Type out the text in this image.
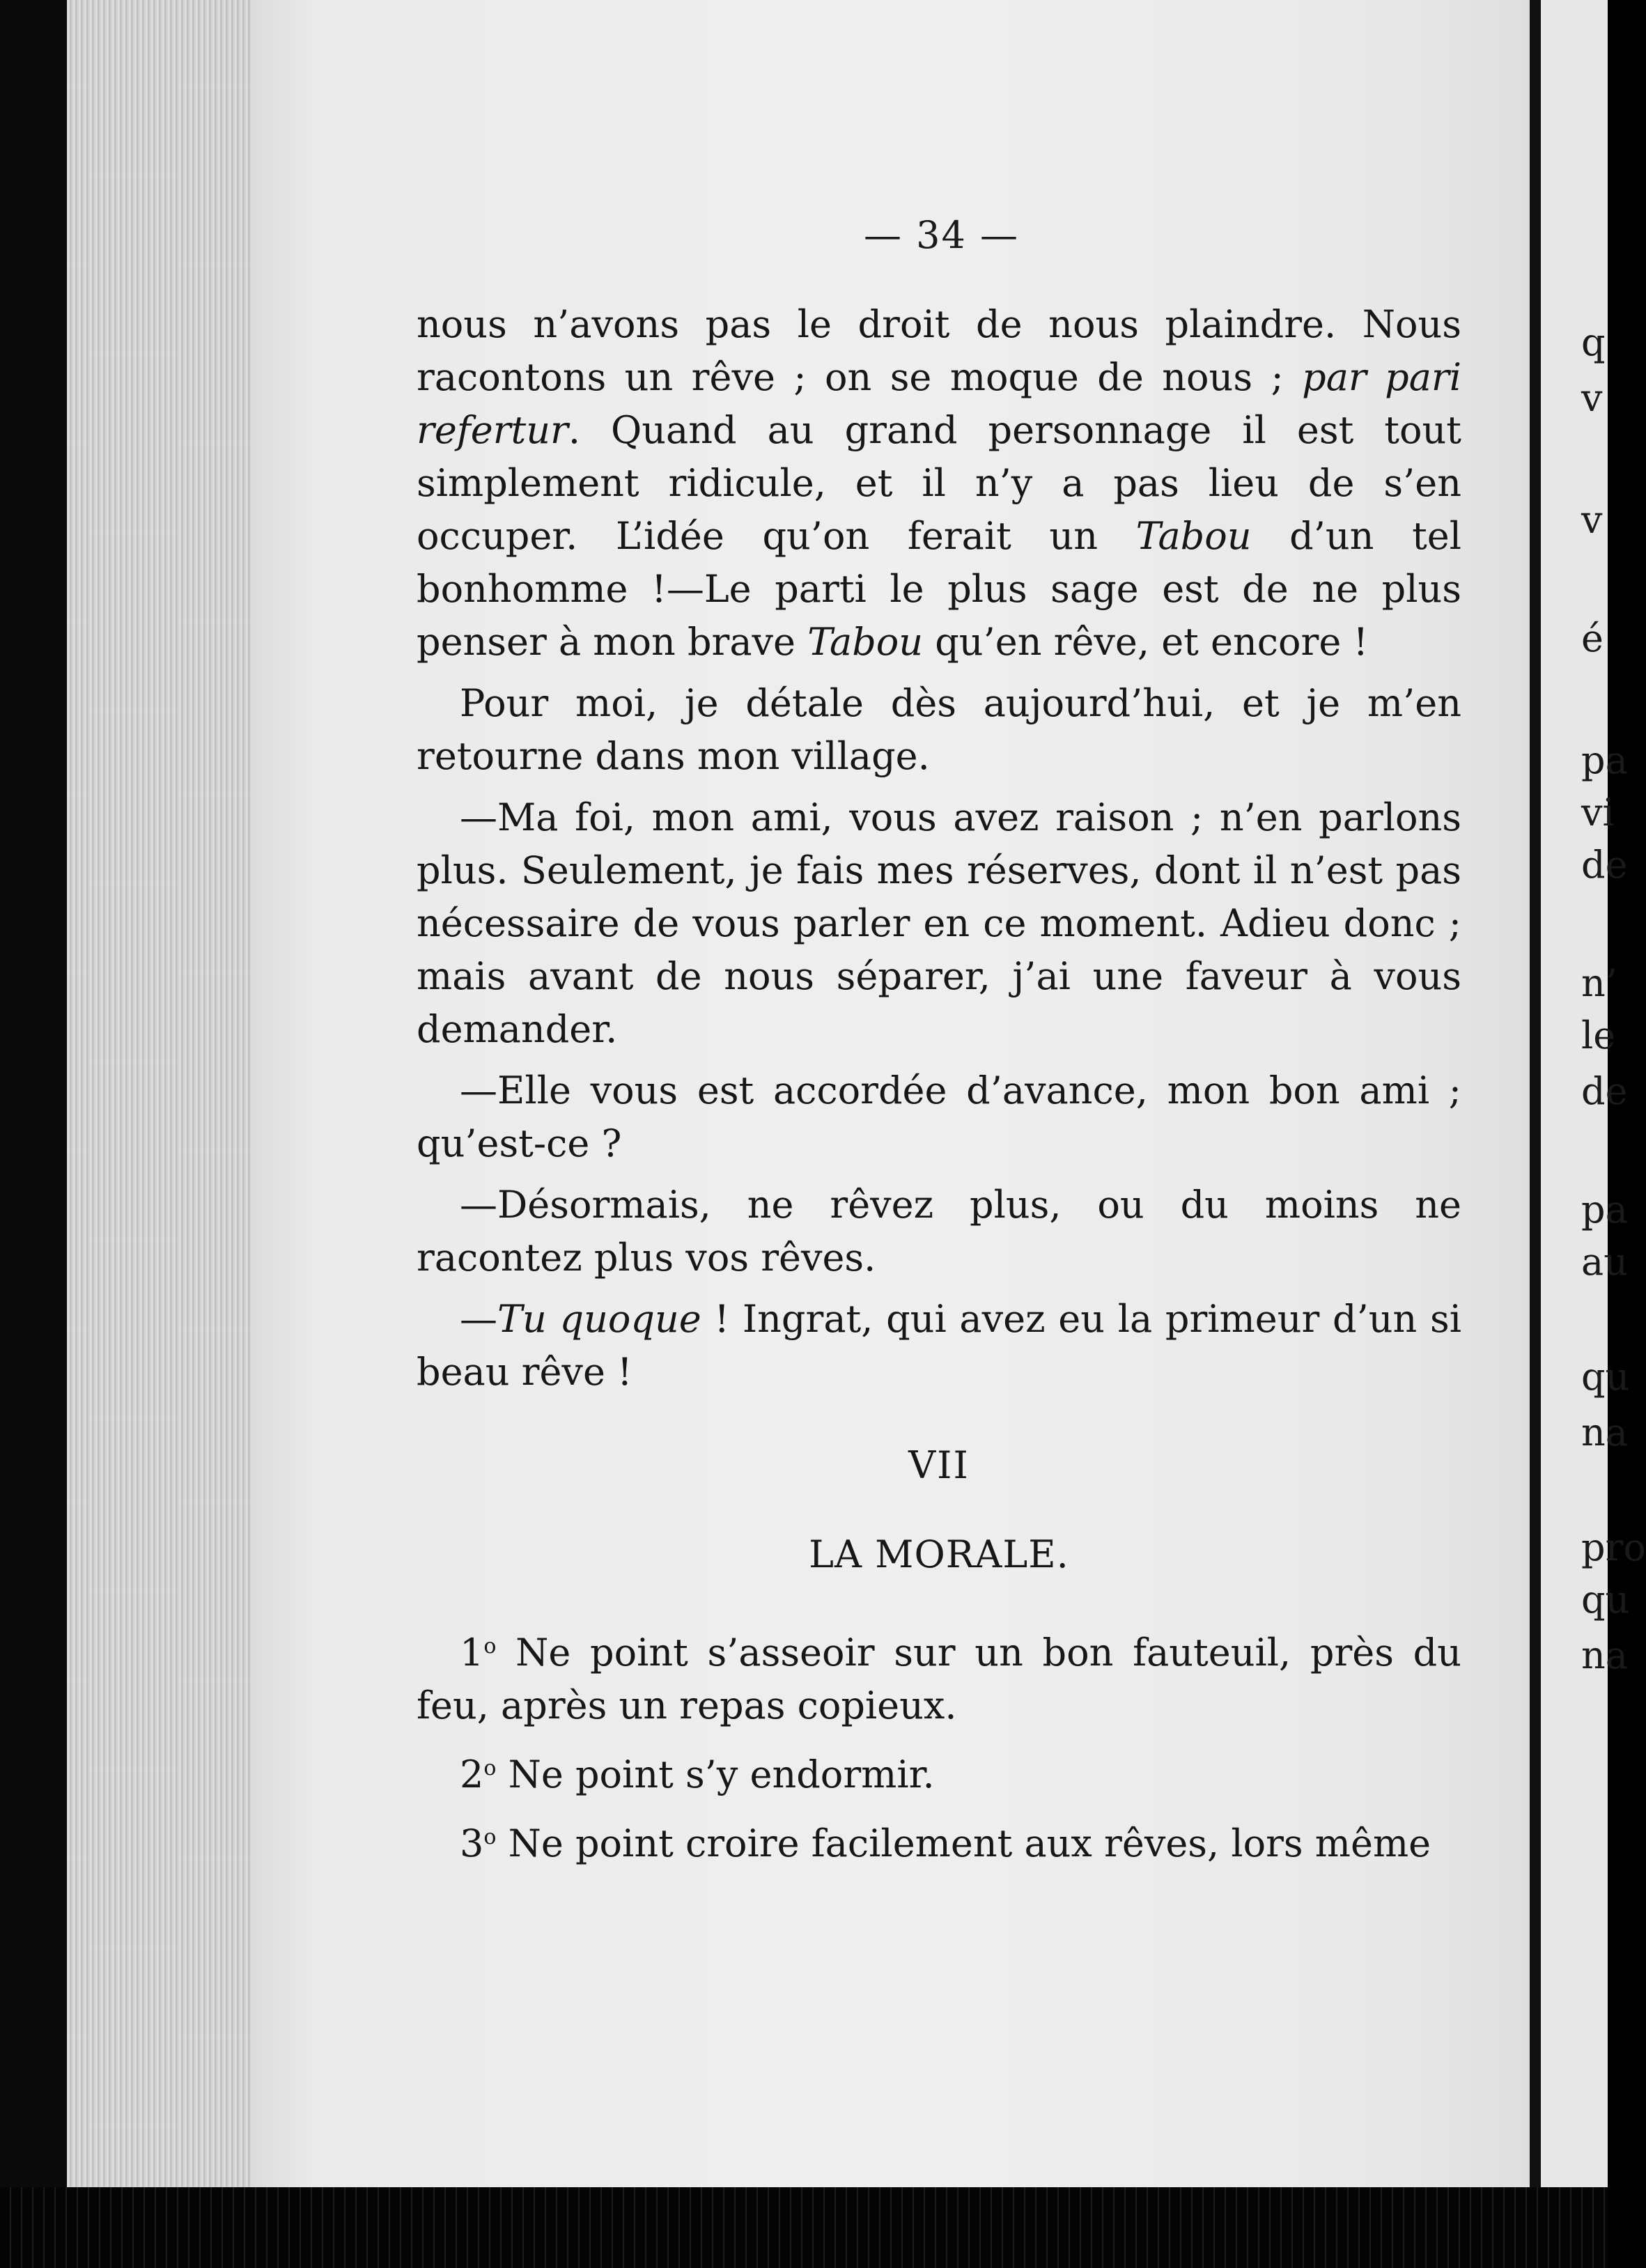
— 34 —

nous n’avons pas le droit de nous plaindre. Nous racontons un rêve ; on se moque de nous ; par pari refertur. Quand au grand personnage il est tout simplement ridicule, et il n’y a pas lieu de s’en occuper. L’idée qu’on ferait un Tabou d’un tel bonhomme !—Le parti le plus sage est de ne plus penser à mon brave Tabou qu’en rêve, et encore !

Pour moi, je détale dès aujourd’hui, et je m’en retourne dans mon village.

—Ma foi, mon ami, vous avez raison ; n’en parlons plus. Seulement, je fais mes réserves, dont il n’est pas nécessaire de vous parler en ce moment. Adieu donc ; mais avant de nous séparer, j’ai une faveur à vous demander.

—Elle vous est accordée d’avance, mon bon ami ; qu’est-ce ?

—Désormais, ne rêvez plus, ou du moins ne racontez plus vos rêves.

—Tu quoque ! Ingrat, qui avez eu la primeur d’un si beau rêve !

VII
LA MORALE.

1$^o$ Ne point s’asseoir sur un bon fauteuil, près du feu, après un repas copieux.

2$^o$ Ne point s’y endormir.

3$^o$ Ne point croire facilement aux rêves, lors même

q
v
v
é
pa
vi
de
n’
le
de
pa
au
qu
na
pro
qu
na
